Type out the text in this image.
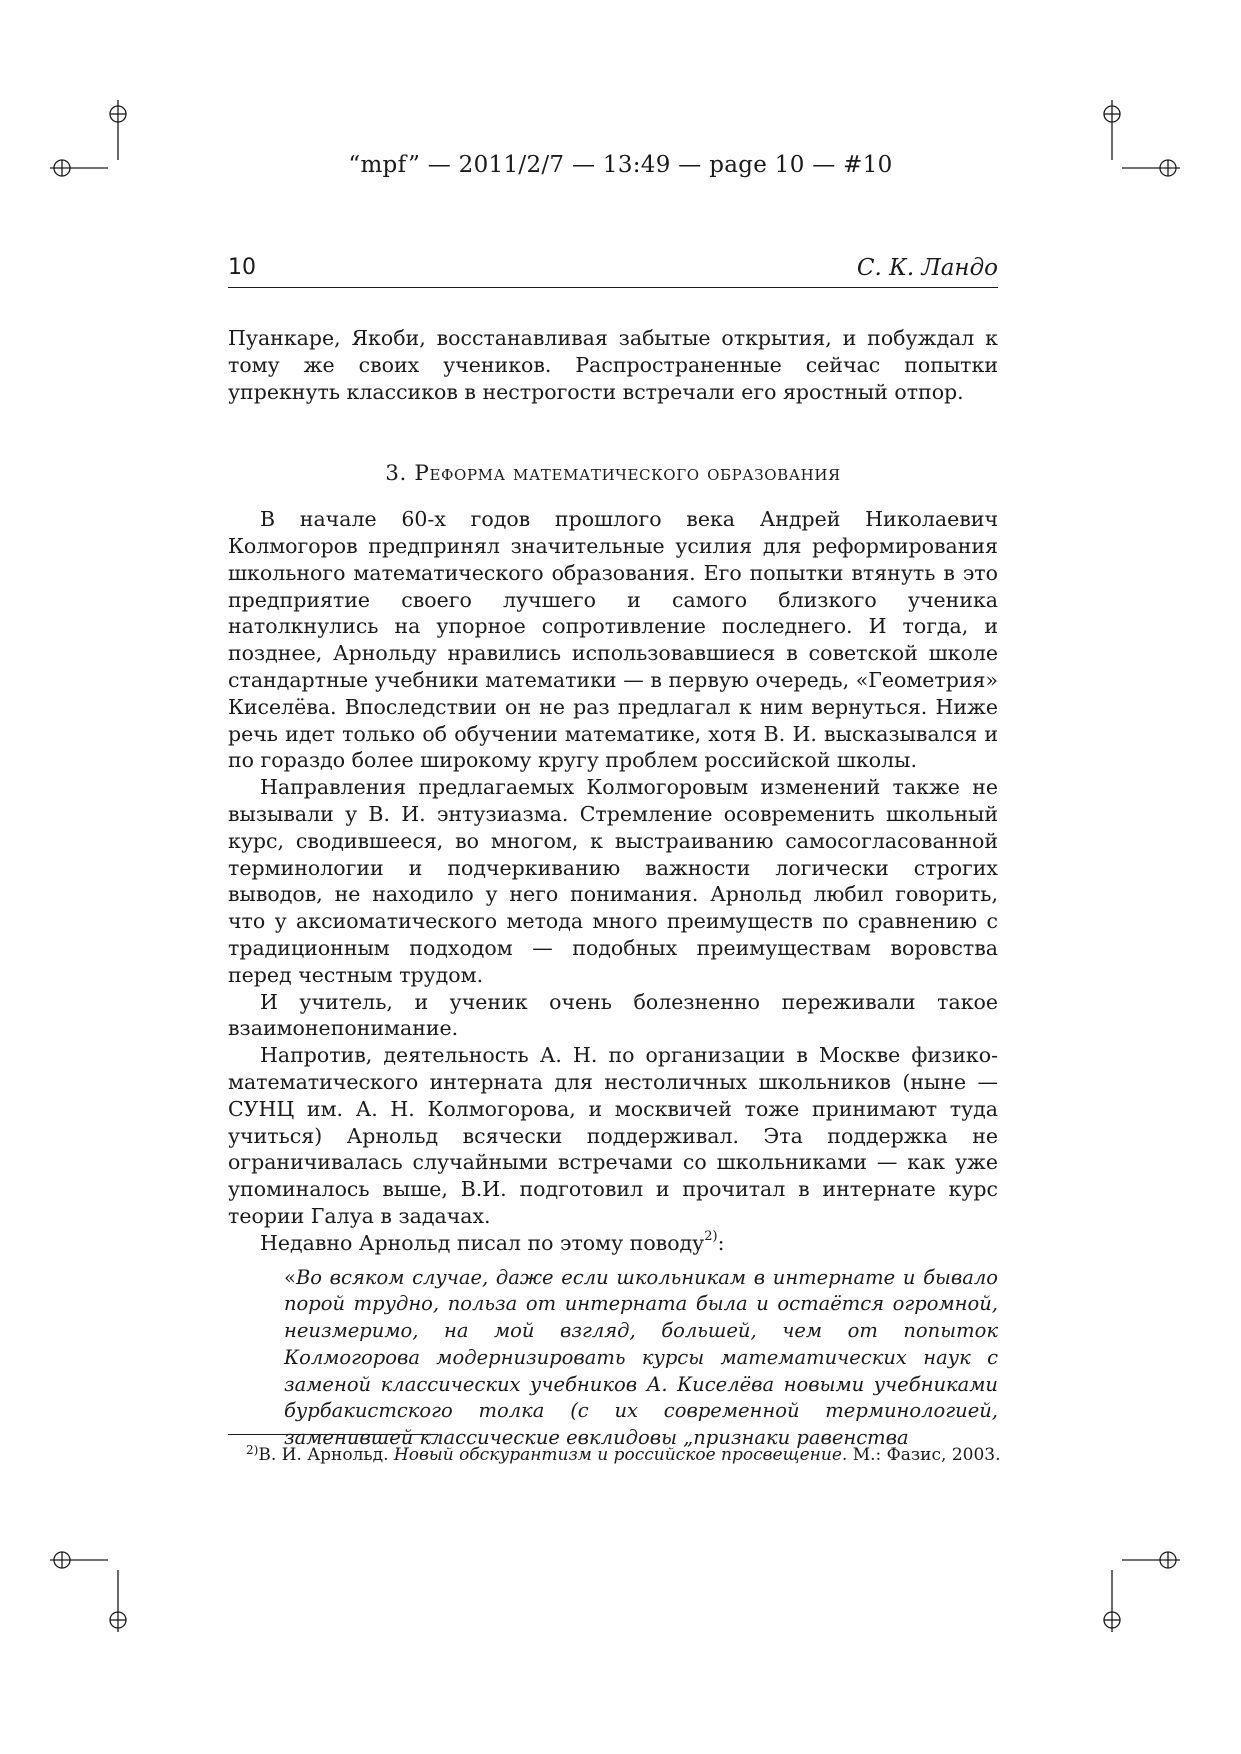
“mpf” — 2011/2/7 — 13:49 — page 10 — #10
10	С. К. Ландо

Пуанкаре, Якоби, восстанавливая забытые открытия, и побуждал к тому же своих учеников. Распространенные сейчас попытки упрекнуть классиков в нестрогости встречали его яростный отпор.

3. Реформа математического образования

В начале 60-х годов прошлого века Андрей Николаевич Колмогоров предпринял значительные усилия для реформирования школьного математического образования. Его попытки втянуть в это предприятие своего лучшего и самого близкого ученика натолкнулись на упорное сопротивление последнего. И тогда, и позднее, Арнольду нравились использовавшиеся в советской школе стандартные учебники математики — в первую очередь, «Геометрия» Киселёва. Впоследствии он не раз предлагал к ним вернуться. Ниже речь идет только об обучении математике, хотя В. И. высказывался и по гораздо более широкому кругу проблем российской школы.

Направления предлагаемых Колмогоровым изменений также не вызывали у В. И. энтузиазма. Стремление осовременить школьный курс, сводившееся, во многом, к выстраиванию самосогласованной терминологии и подчеркиванию важности логически строгих выводов, не находило у него понимания. Арнольд любил говорить, что у аксиоматического метода много преимуществ по сравнению с традиционным подходом — подобных преимуществам воровства перед честным трудом.

И учитель, и ученик очень болезненно переживали такое взаимонепонимание.

Напротив, деятельность А. Н. по организации в Москве физико-математического интерната для нестоличных школьников (ныне — СУНЦ им. А. Н. Колмогорова, и москвичей тоже принимают туда учиться) Арнольд всячески поддерживал. Эта поддержка не ограничивалась случайными встречами со школьниками — как уже упоминалось выше, В.И. подготовил и прочитал в интернате курс теории Галуа в задачах.

Недавно Арнольд писал по этому поводу$^{2)}$:

«Во всяком случае, даже если школьникам в интернате и бывало порой трудно, польза от интерната была и остаётся огромной, неизмеримо, на мой взгляд, большей, чем от попыток Колмогорова модернизировать курсы математических наук с заменой классических учебников А. Киселёва новыми учебниками бурбакистского толка (с их современной терминологией, заменившей классические евклидовы „признаки равенства

$^{2)}$В. И. Арнольд. Новый обскурантизм и российское просвещение. М.: Фазис, 2003.
